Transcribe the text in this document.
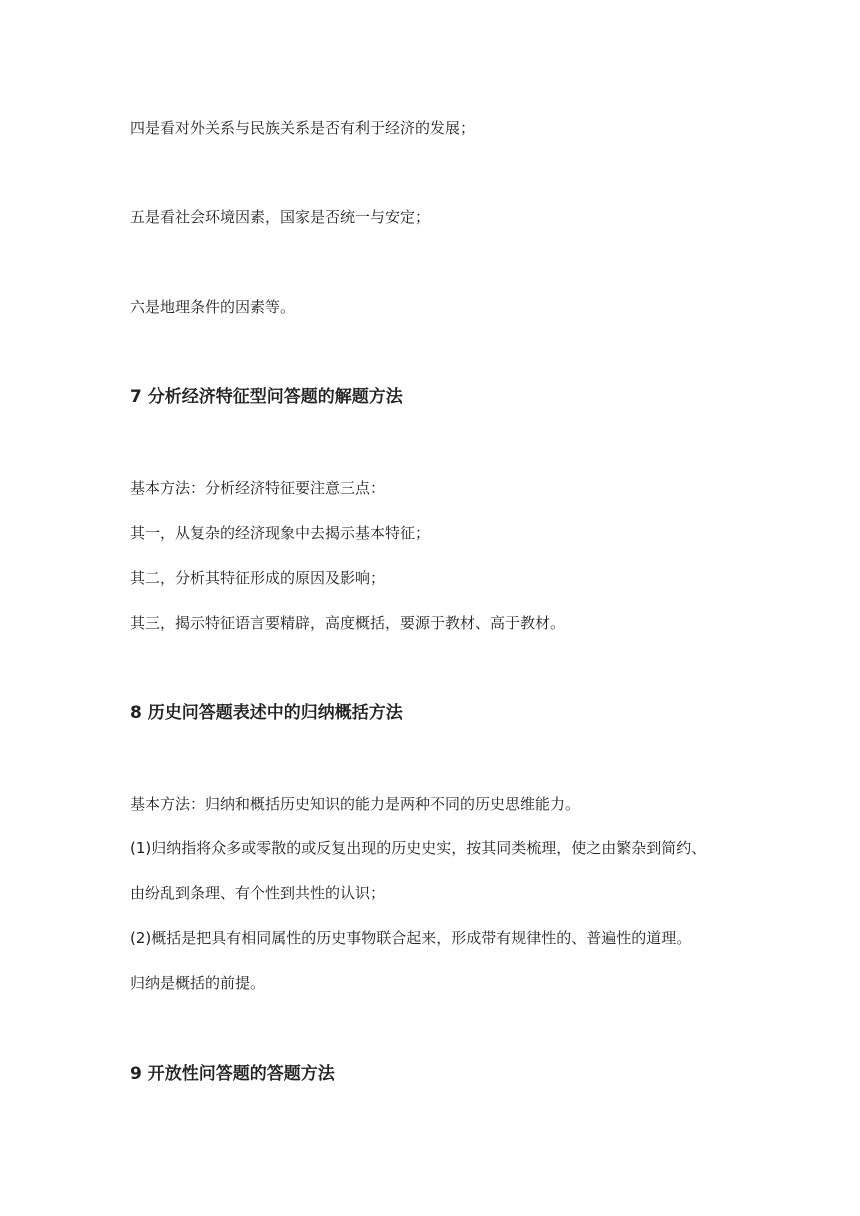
四是看对外关系与民族关系是否有利于经济的发展；
五是看社会环境因素，国家是否统一与安定；
六是地理条件的因素等。
7 分析经济特征型问答题的解题方法
基本方法：分析经济特征要注意三点：
其一，从复杂的经济现象中去揭示基本特征；
其二，分析其特征形成的原因及影响；
其三，揭示特征语言要精辟，高度概括，要源于教材、高于教材。
8 历史问答题表述中的归纳概括方法
基本方法：归纳和概括历史知识的能力是两种不同的历史思维能力。
(1)归纳指将众多或零散的或反复出现的历史史实，按其同类梳理，使之由繁杂到简约、
由纷乱到条理、有个性到共性的认识；
(2)概括是把具有相同属性的历史事物联合起来，形成带有规律性的、普遍性的道理。
归纳是概括的前提。
9 开放性问答题的答题方法
